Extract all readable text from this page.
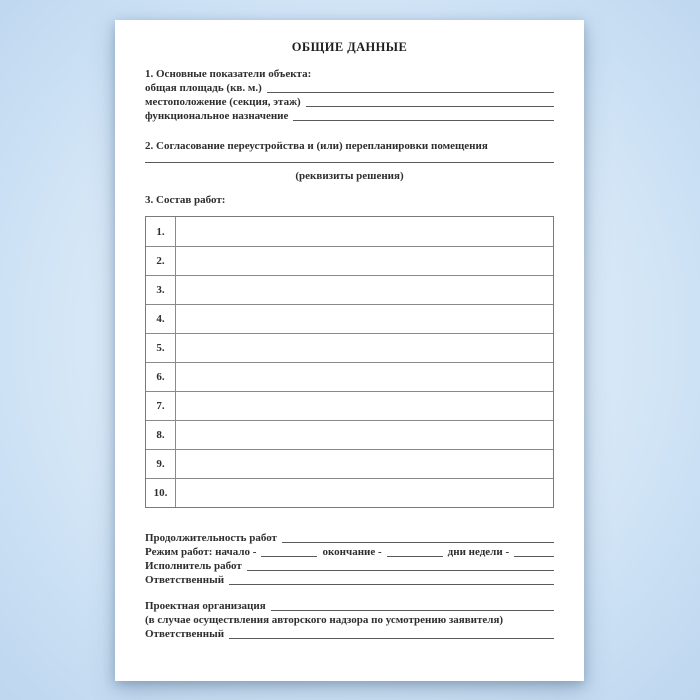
ОБЩИЕ ДАННЫЕ
1. Основные показатели объекта:
общая площадь (кв. м.)
местоположение (секция, этаж)
функциональное назначение
2. Согласование переустройства и (или) перепланировки помещения
(реквизиты решения)
3. Состав работ:
1.
2.
3.
4.
5.
6.
7.
8.
9.
10.
Продолжительность работ
Режим работ: начало -	окончание -	дни недели -
Исполнитель работ
Ответственный
Проектная организация
(в случае осуществления авторского надзора по усмотрению заявителя)
Ответственный
